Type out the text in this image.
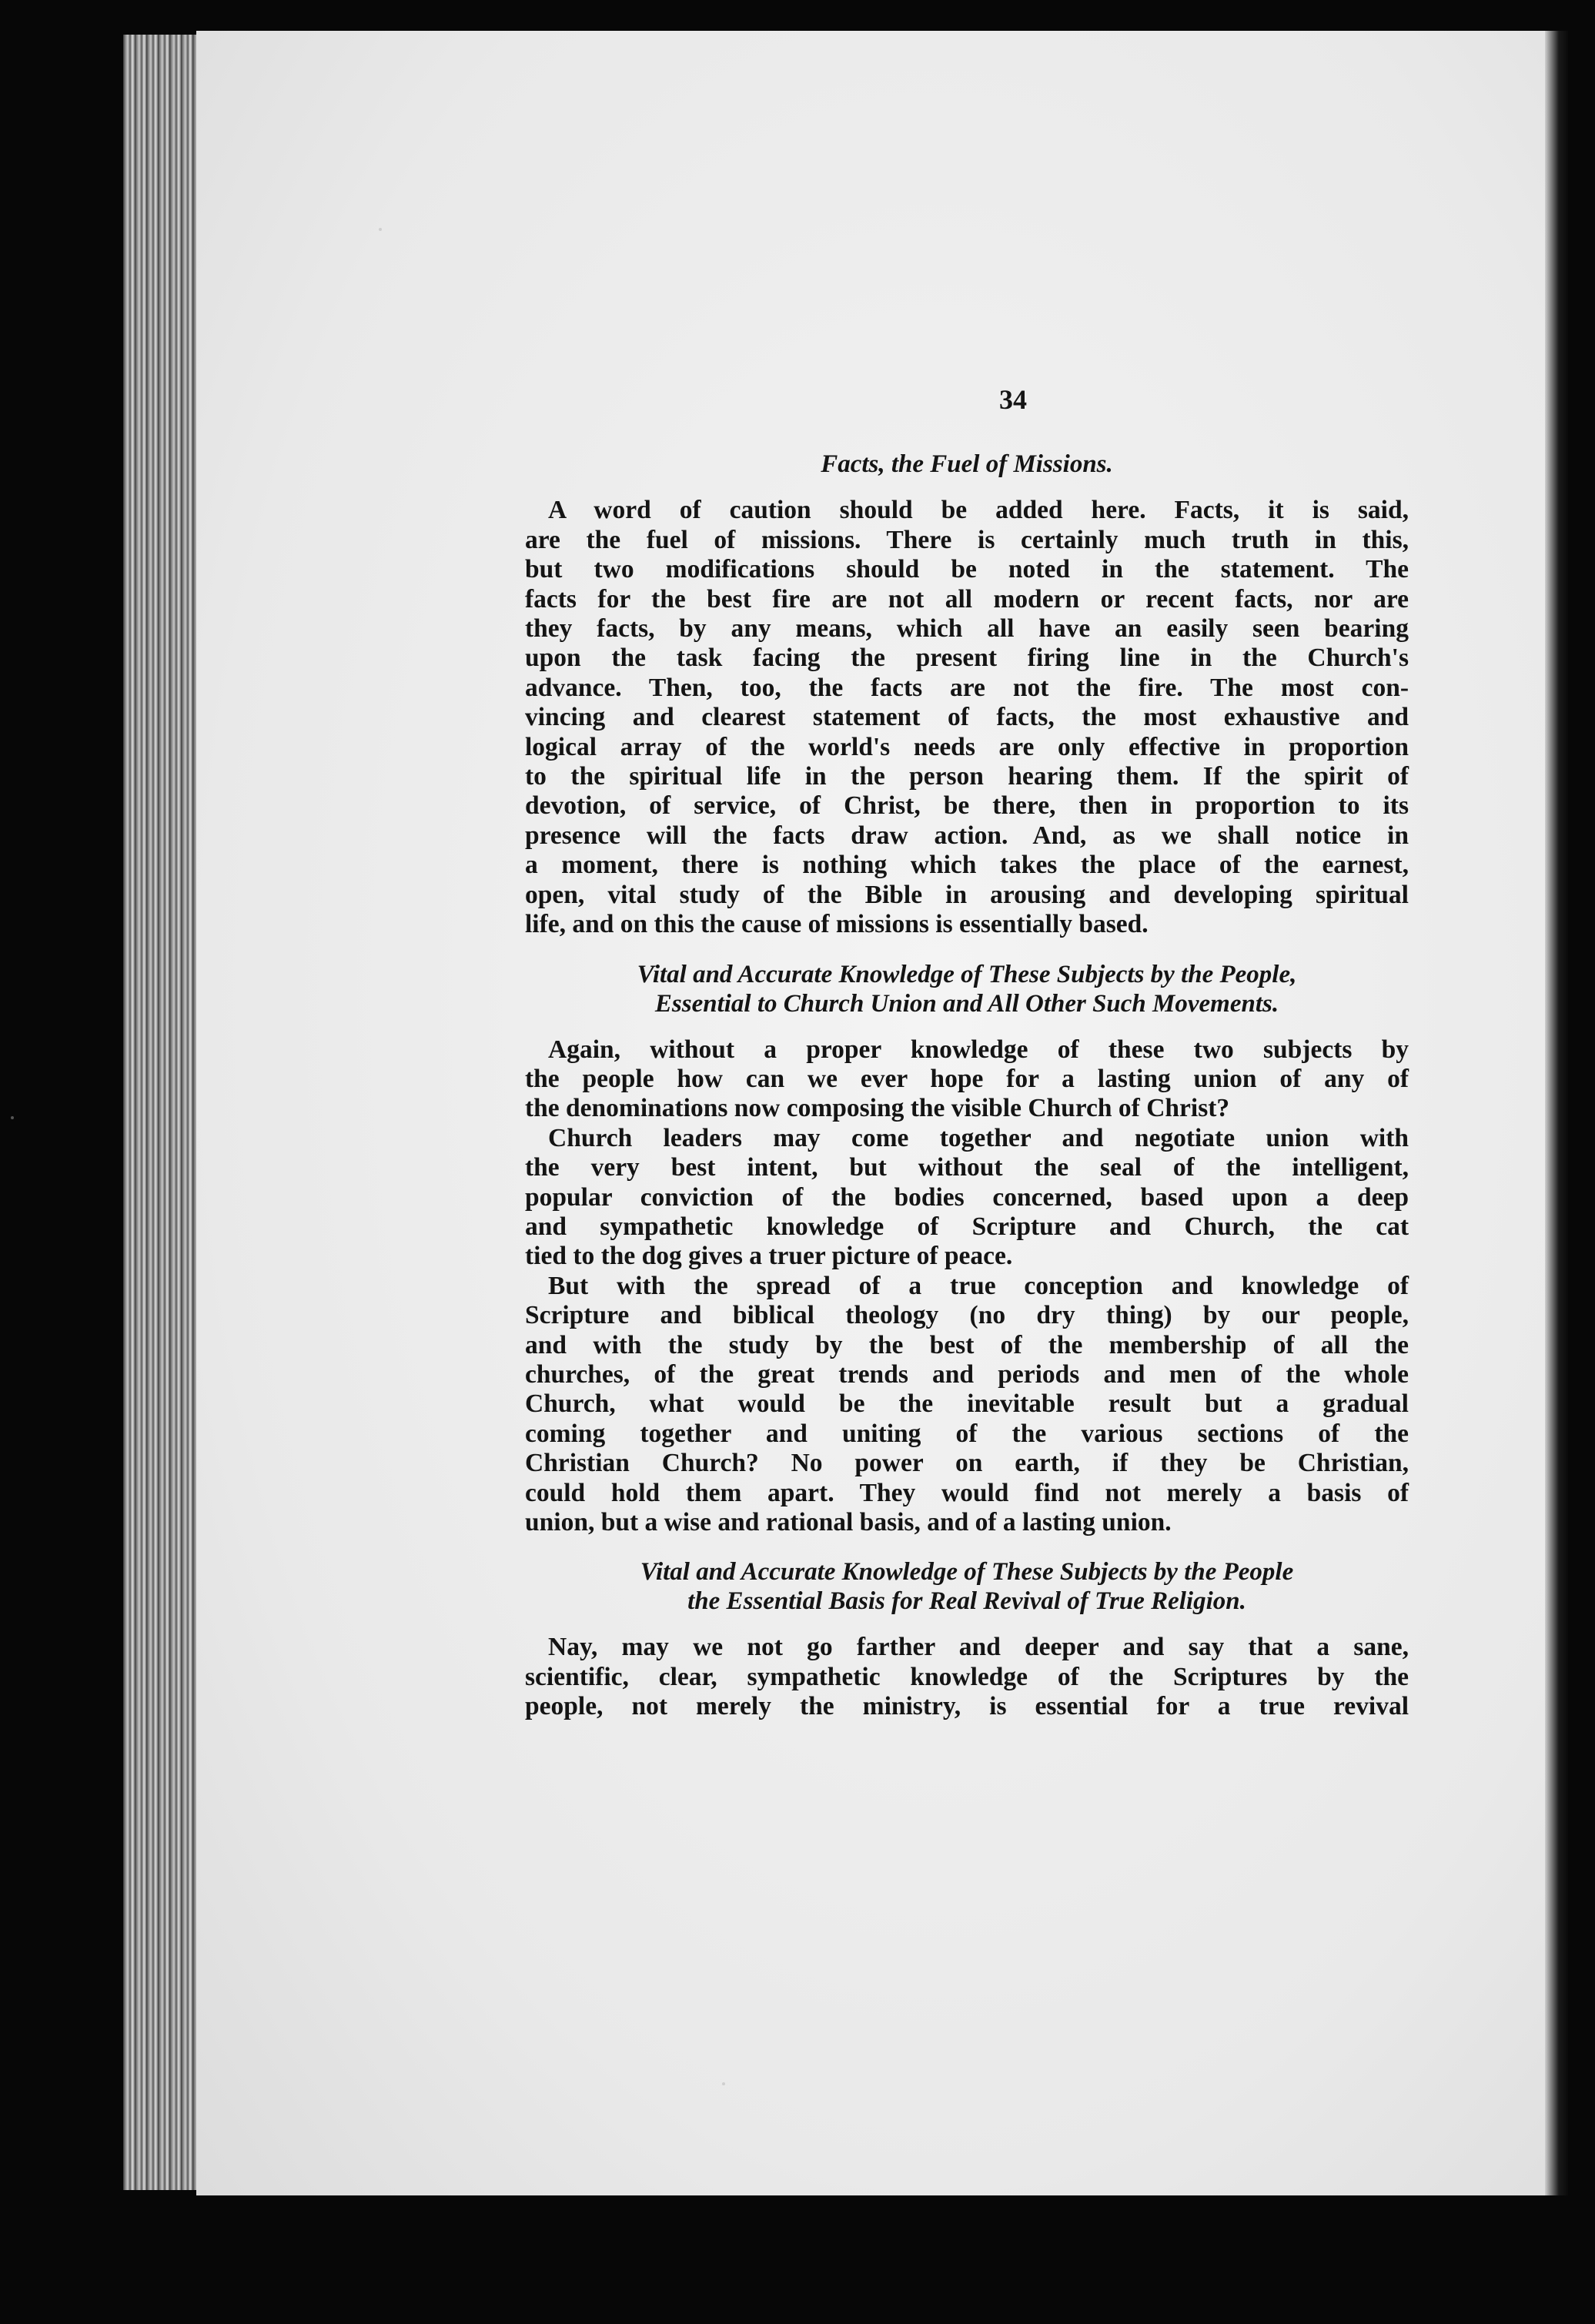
34
Facts, the Fuel of Missions.

A word of caution should be added here. Facts, it is said,
are the fuel of missions. There is certainly much truth in this,
but two modifications should be noted in the statement. The
facts for the best fire are not all modern or recent facts, nor are
they facts, by any means, which all have an easily seen bearing
upon the task facing the present firing line in the Church's
advance. Then, too, the facts are not the fire. The most con-
vincing and clearest statement of facts, the most exhaustive and
logical array of the world's needs are only effective in proportion
to the spiritual life in the person hearing them. If the spirit of
devotion, of service, of Christ, be there, then in proportion to its
presence will the facts draw action. And, as we shall notice in
a moment, there is nothing which takes the place of the earnest,
open, vital study of the Bible in arousing and developing spiritual
life, and on this the cause of missions is essentially based.

Vital and Accurate Knowledge of These Subjects by the People,
Essential to Church Union and All Other Such Movements.

Again, without a proper knowledge of these two subjects by
the people how can we ever hope for a lasting union of any of
the denominations now composing the visible Church of Christ?

Church leaders may come together and negotiate union with
the very best intent, but without the seal of the intelligent,
popular conviction of the bodies concerned, based upon a deep
and sympathetic knowledge of Scripture and Church, the cat
tied to the dog gives a truer picture of peace.

But with the spread of a true conception and knowledge of
Scripture and biblical theology (no dry thing) by our people,
and with the study by the best of the membership of all the
churches, of the great trends and periods and men of the whole
Church, what would be the inevitable result but a gradual
coming together and uniting of the various sections of the
Christian Church? No power on earth, if they be Christian,
could hold them apart. They would find not merely a basis of
union, but a wise and rational basis, and of a lasting union.

Vital and Accurate Knowledge of These Subjects by the People
the Essential Basis for Real Revival of True Religion.

Nay, may we not go farther and deeper and say that a sane,
scientific, clear, sympathetic knowledge of the Scriptures by the
people, not merely the ministry, is essential for a true revival
